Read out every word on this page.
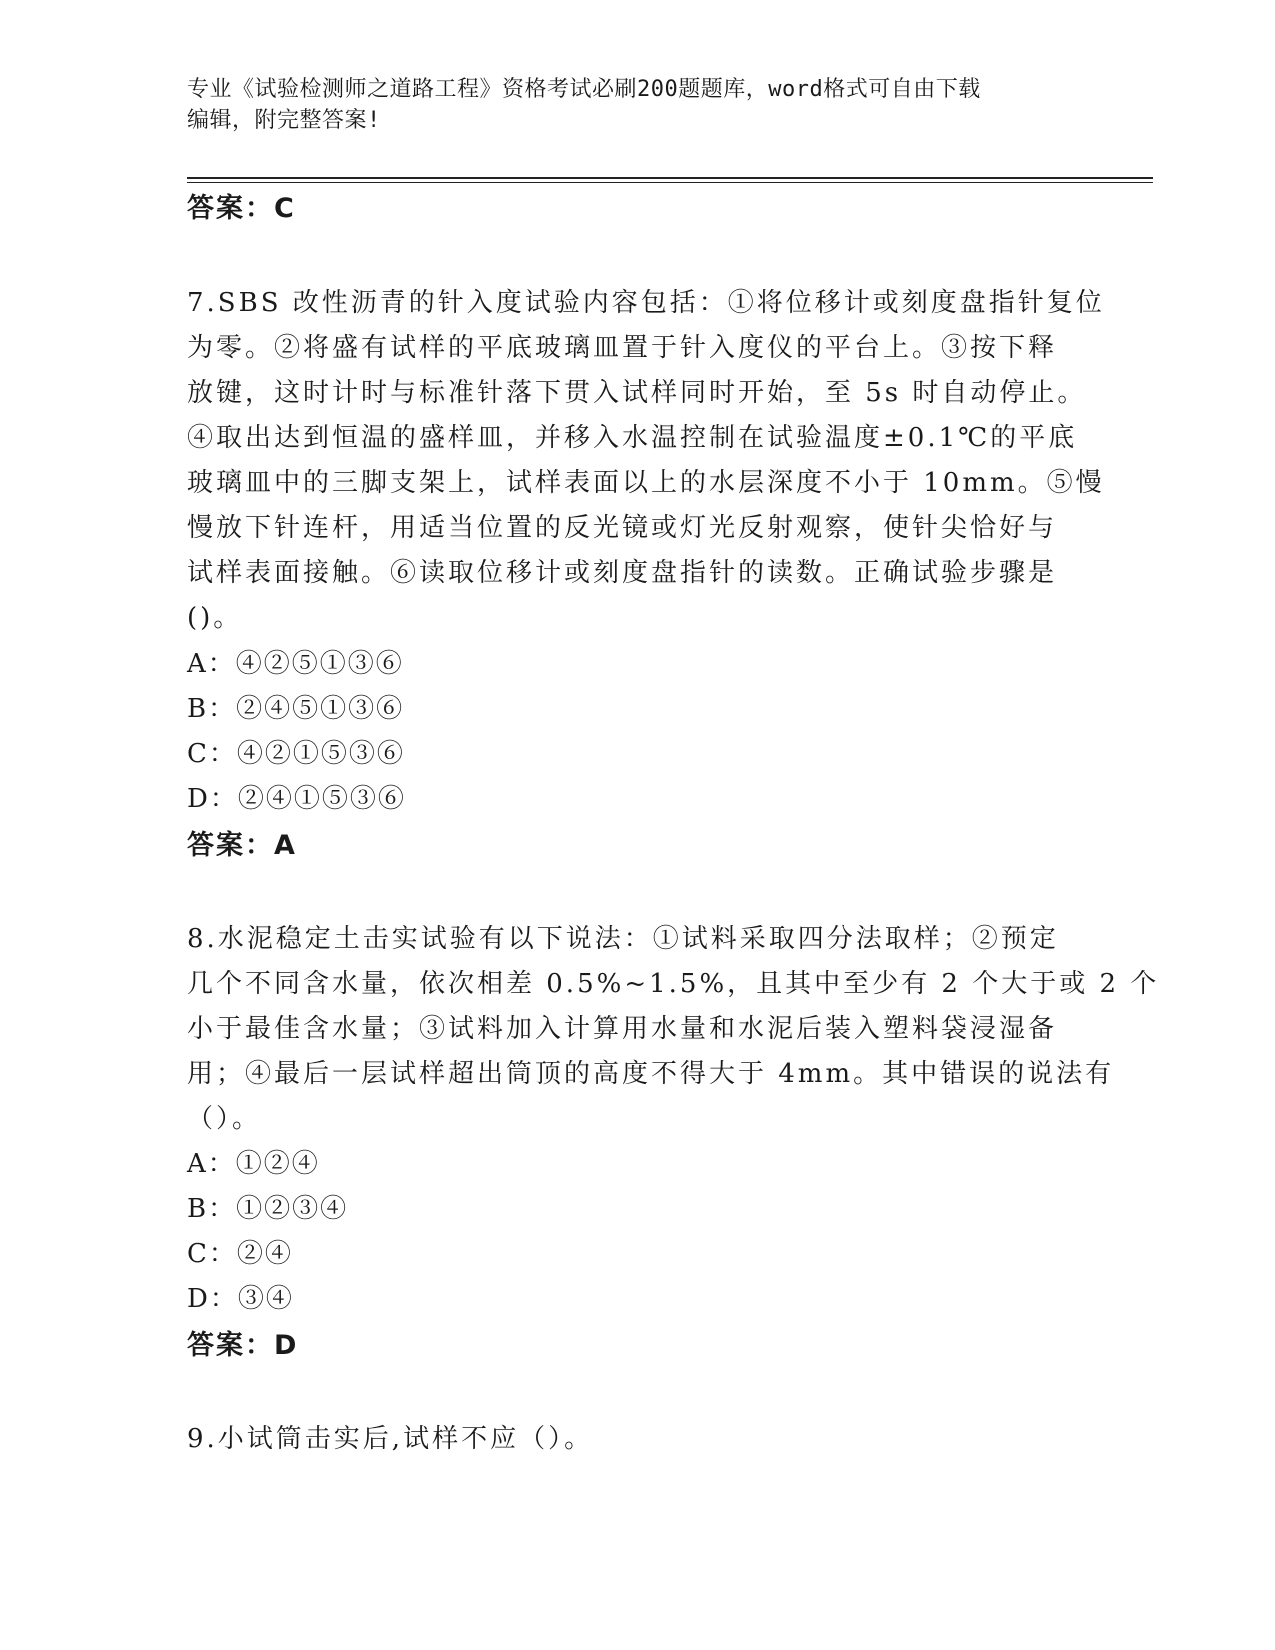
专业《试验检测师之道路工程》资格考试必刷200题题库，word格式可自由下载
编辑，附完整答案!
答案：C
7.SBS 改性沥青的针入度试验内容包括：①将位移计或刻度盘指针复位
为零。②将盛有试样的平底玻璃皿置于针入度仪的平台上。③按下释
放键，这时计时与标准针落下贯入试样同时开始，至 5s 时自动停止。
④取出达到恒温的盛样皿，并移入水温控制在试验温度±0.1℃的平底
玻璃皿中的三脚支架上，试样表面以上的水层深度不小于 10mm。⑤慢
慢放下针连杆，用适当位置的反光镜或灯光反射观察，使针尖恰好与
试样表面接触。⑥读取位移计或刻度盘指针的读数。正确试验步骤是
()。
A：④②⑤①③⑥
B：②④⑤①③⑥
C：④②①⑤③⑥
D：②④①⑤③⑥
答案：A
8.水泥稳定土击实试验有以下说法：①试料采取四分法取样；②预定
几个不同含水量，依次相差 0.5%~1.5%，且其中至少有 2 个大于或 2 个
小于最佳含水量；③试料加入计算用水量和水泥后装入塑料袋浸湿备
用；④最后一层试样超出筒顶的高度不得大于 4mm。其中错误的说法有
（）。
A：①②④
B：①②③④
C：②④
D：③④
答案：D
9.小试筒击实后,试样不应（）。
